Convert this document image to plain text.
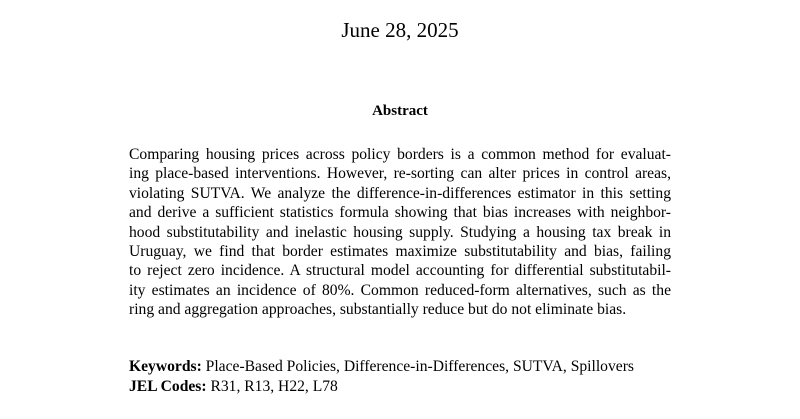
June 28, 2025
Abstract
Comparing housing prices across policy borders is a common method for evaluat-
ing place-based interventions. However, re-sorting can alter prices in control areas,
violating SUTVA. We analyze the difference-in-differences estimator in this setting
and derive a sufficient statistics formula showing that bias increases with neighbor-
hood substitutability and inelastic housing supply. Studying a housing tax break in
Uruguay, we find that border estimates maximize substitutability and bias, failing
to reject zero incidence. A structural model accounting for differential substitutabil-
ity estimates an incidence of 80%. Common reduced-form alternatives, such as the
ring and aggregation approaches, substantially reduce but do not eliminate bias.
Keywords: Place-Based Policies, Difference-in-Differences, SUTVA, Spillovers
JEL Codes: R31, R13, H22, L78
